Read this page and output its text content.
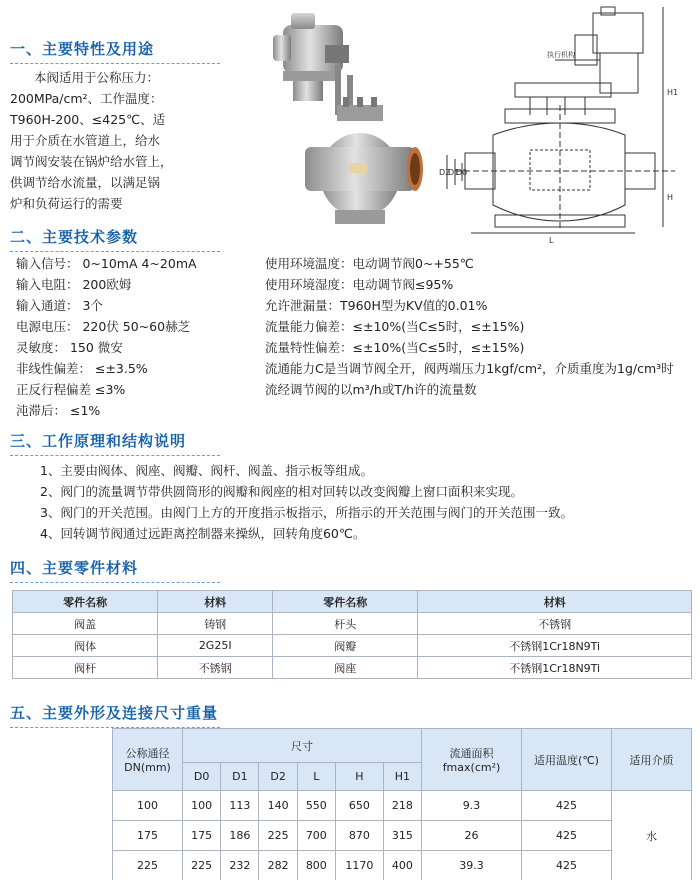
一、主要特性及用途
本阀适用于公称压力：
200MPa/cm²、工作温度：
T960H-200、≤425℃、适
用于介质在水管道上，给水
调节阀安装在锅炉给水管上，
供调节给水流量，以满足锅
炉和负荷运行的需要
执行机构
D2
D1
D0
L
H
H1
二、主要技术参数
输入信号： 0~10mA 4~20mA
输入电阻： 200欧姆
输入通道： 3个
电源电压： 220伏 50~60赫芝
灵敏度： 150 微安
非线性偏差： ≤±3.5%
正反行程偏差 ≤3%
沌滞后： ≤1%
使用环境温度：电动调节阀0~+55℃
使用环境湿度：电动调节阀≤95%
允许泄漏量：T960H型为KV值的0.01%
流量能力偏差：≤±10%(当C≤5时，≤±15%)
流量特性偏差：≤±10%(当C≤5时，≤±15%)
流通能力C是当调节阀全开，阀两端压力1kgf/cm²，介质重度为1g/cm³时
流经调节阀的以m³/h或T/h许的流量数
三、工作原理和结构说明
1、主要由阀体、阀座、阀瓣、阀杆、阀盖、指示板等组成。
2、阀门的流量调节带供圆筒形的阀瓣和阀座的相对回转以改变阀瓣上窗口面积来实现。
3、阀门的开关范围。由阀门上方的开度指示板指示，所指示的开关范围与阀门的开关范围一致。
4、回转调节阀通过远距离控制器来操纵，回转角度60℃。
四、主要零件材料
零件名称	材料	零件名称	材料
阀盖	铸钢	杆头	不锈钢
阀体	2G25I	阀瓣	不锈钢1Cr18N9Ti
阀杆	不锈钢	阀座	不锈钢1Cr18N9Ti
五、主要外形及连接尺寸重量
公称通径
DN(mm)	尺寸						流通面积fmax(cm²)	适用温度(℃)	适用介质
	D0	D1	D2	L	H	H1			
100	100	113	140	550	650	218	9.3	425	水
175	175	186	225	700	870	315	26	425	
225	225	232	282	800	1170	400	39.3	425	
